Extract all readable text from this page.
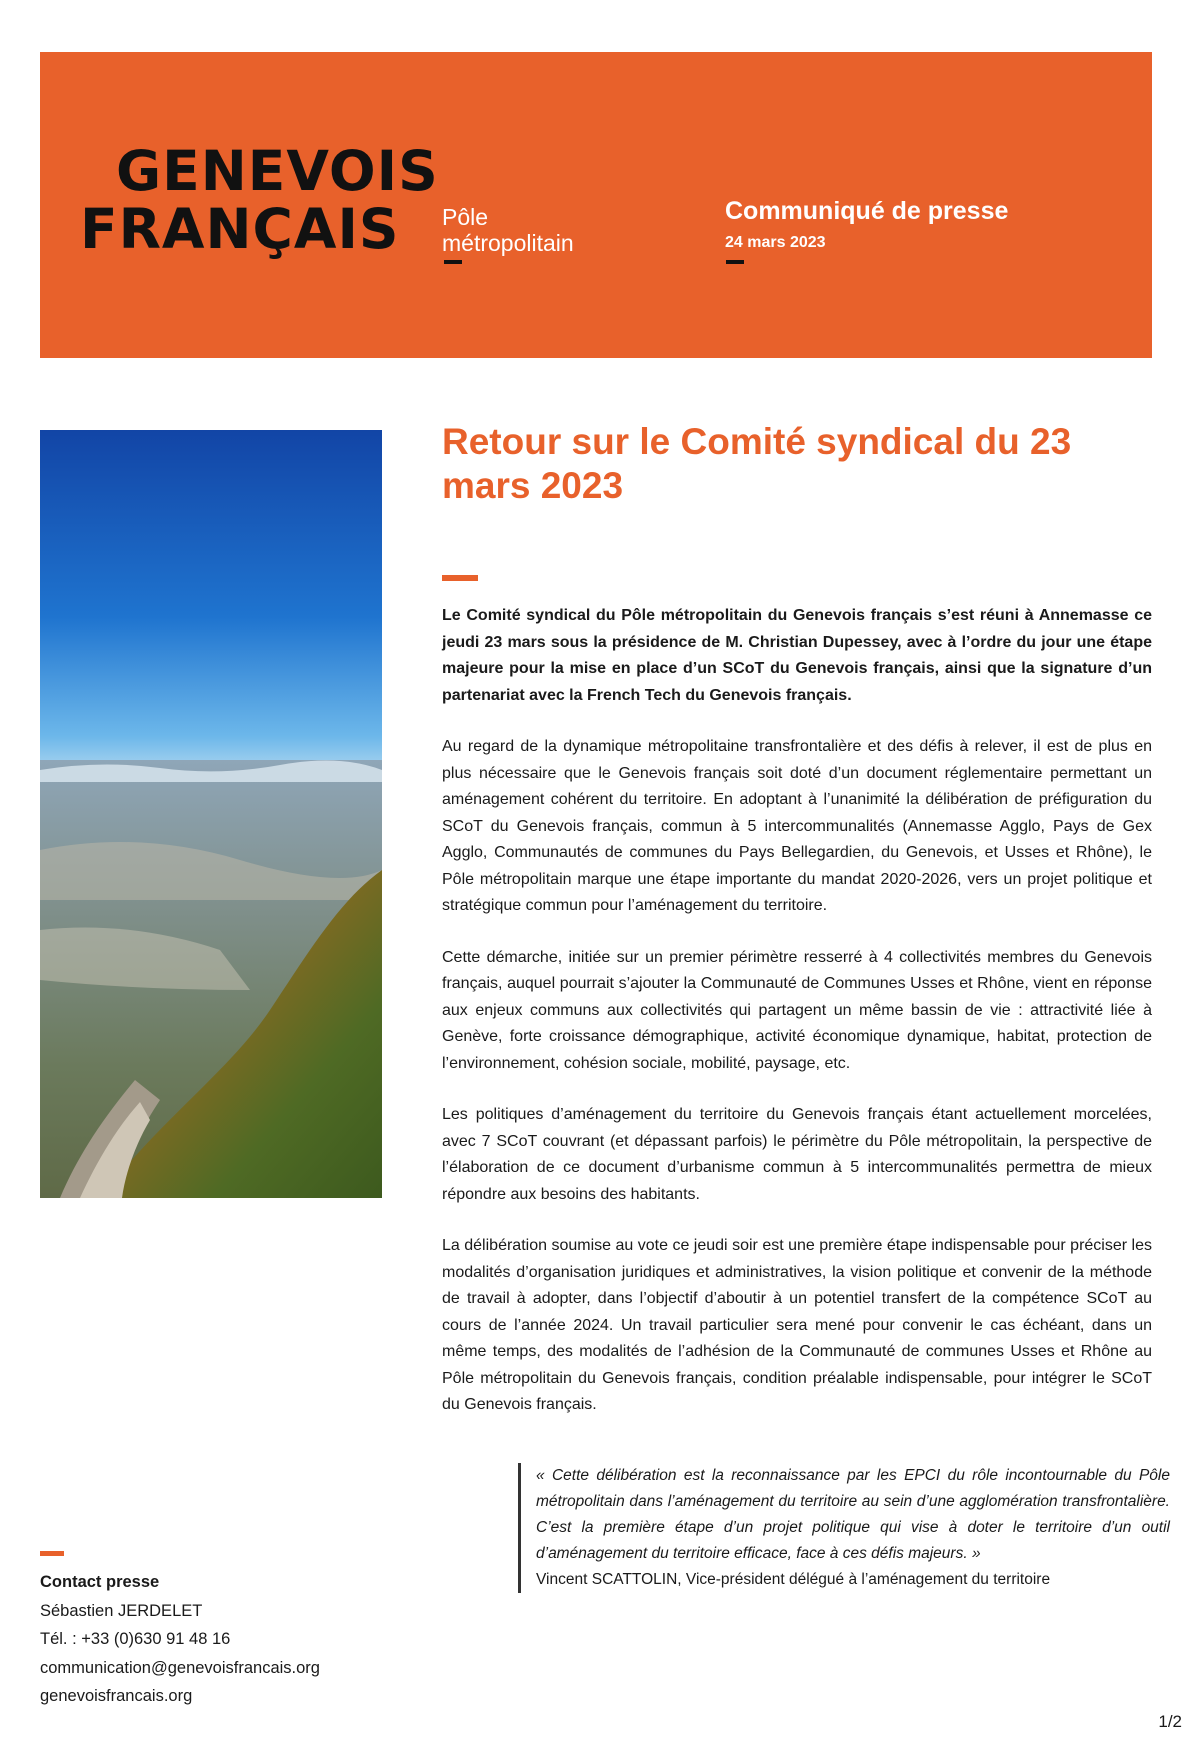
GENEVOIS
FRANÇAIS Pôle
métropolitain
Communiqué de presse
24 mars 2023
Retour sur le Comité syndical du 23 mars 2023

Le Comité syndical du Pôle métropolitain du Genevois français s’est réuni à Annemasse ce jeudi 23 mars sous la présidence de M. Christian Dupessey, avec à l’ordre du jour une étape majeure pour la mise en place d’un SCoT du Genevois français, ainsi que la signature d’un partenariat avec la French Tech du Genevois français.

Au regard de la dynamique métropolitaine transfrontalière et des défis à relever, il est de plus en plus nécessaire que le Genevois français soit doté d’un document réglementaire permettant un aménagement cohérent du territoire. En adoptant à l’unanimité la délibération de préfiguration du SCoT du Genevois français, commun à 5 intercommunalités (Annemasse Agglo, Pays de Gex Agglo, Communautés de communes du Pays Bellegardien, du Genevois, et Usses et Rhône), le Pôle métropolitain marque une étape importante du mandat 2020-2026, vers un projet politique et stratégique commun pour l’aménagement du territoire.

Cette démarche, initiée sur un premier périmètre resserré à 4 collectivités membres du Genevois français, auquel pourrait s’ajouter la Communauté de Communes Usses et Rhône, vient en réponse aux enjeux communs aux collectivités qui partagent un même bassin de vie : attractivité liée à Genève, forte croissance démographique, activité économique dynamique, habitat, protection de l’environnement, cohésion sociale, mobilité, paysage, etc.

Les politiques d’aménagement du territoire du Genevois français étant actuellement morcelées, avec 7 SCoT couvrant (et dépassant parfois) le périmètre du Pôle métropolitain, la perspective de l’élaboration de ce document d’urbanisme commun à 5 intercommunalités permettra de mieux répondre aux besoins des habitants.

La délibération soumise au vote ce jeudi soir est une première étape indispensable pour préciser les modalités d’organisation juridiques et administratives, la vision politique et convenir de la méthode de travail à adopter, dans l’objectif d’aboutir à un potentiel transfert de la compétence SCoT au cours de l’année 2024. Un travail particulier sera mené pour convenir le cas échéant, dans un même temps, des modalités de l’adhésion de la Communauté de communes Usses et Rhône au Pôle métropolitain du Genevois français, condition préalable indispensable, pour intégrer le SCoT du Genevois français.

« Cette délibération est la reconnaissance par les EPCI du rôle incontournable du Pôle métropolitain dans l’aménagement du territoire au sein d’une agglomération transfrontalière. C’est la première étape d’un projet politique qui vise à doter le territoire d’un outil d’aménagement du territoire efficace, face à ces défis majeurs. »

Vincent SCATTOLIN, Vice-président délégué à l’aménagement du territoire

Contact presse
Sébastien JERDELET
Tél. : +33 (0)630 91 48 16
communication@genevoisfrancais.org
genevoisfrancais.org
1/2
